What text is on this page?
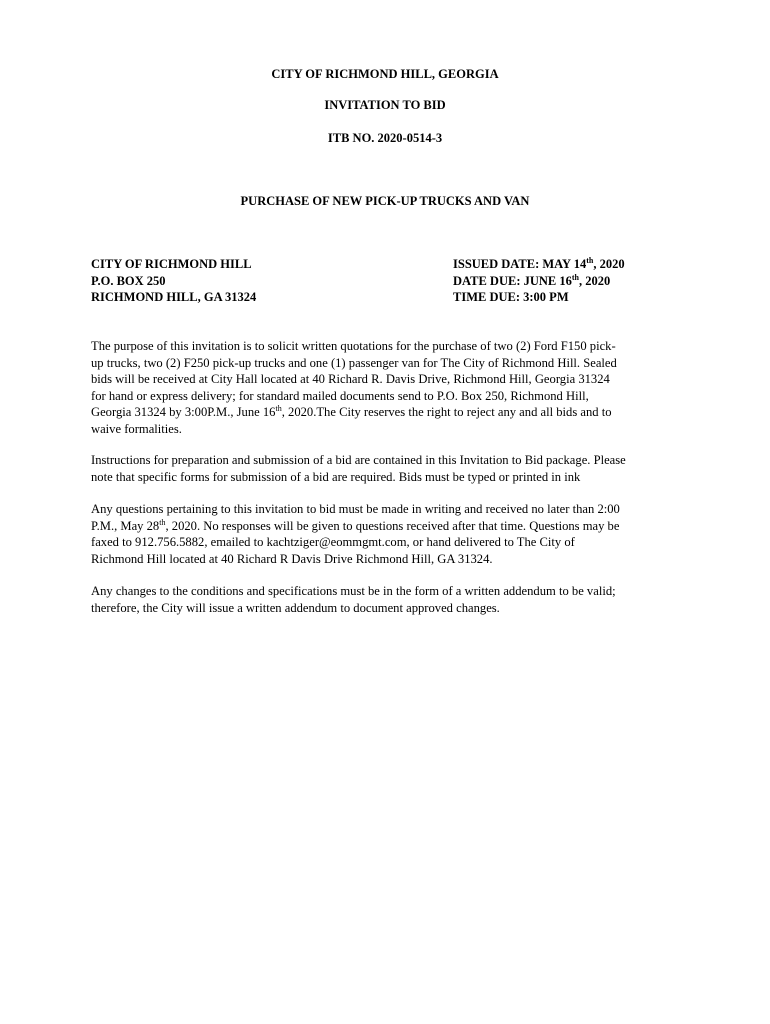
CITY OF RICHMOND HILL, GEORGIA
INVITATION TO BID
ITB NO. 2020-0514-3
PURCHASE OF NEW PICK-UP TRUCKS AND VAN
CITY OF RICHMOND HILL
P.O. BOX 250
RICHMOND HILL, GA 31324
ISSUED DATE: MAY 14th, 2020
DATE DUE: JUNE 16th, 2020
TIME DUE: 3:00 PM
The purpose of this invitation is to solicit written quotations for the purchase of two (2) Ford F150 pick-
up trucks, two (2) F250 pick-up trucks and one (1) passenger van for The City of Richmond Hill. Sealed
bids will be received at City Hall located at 40 Richard R. Davis Drive, Richmond Hill, Georgia 31324
for hand or express delivery; for standard mailed documents send to P.O. Box 250, Richmond Hill,
Georgia 31324 by 3:00P.M., June 16th, 2020.The City reserves the right to reject any and all bids and to
waive formalities.
Instructions for preparation and submission of a bid are contained in this Invitation to Bid package. Please
note that specific forms for submission of a bid are required. Bids must be typed or printed in ink
Any questions pertaining to this invitation to bid must be made in writing and received no later than 2:00
P.M., May 28th, 2020. No responses will be given to questions received after that time. Questions may be
faxed to 912.756.5882, emailed to kachtziger@eommgmt.com, or hand delivered to The City of
Richmond Hill located at 40 Richard R Davis Drive Richmond Hill, GA 31324.
Any changes to the conditions and specifications must be in the form of a written addendum to be valid;
therefore, the City will issue a written addendum to document approved changes.
